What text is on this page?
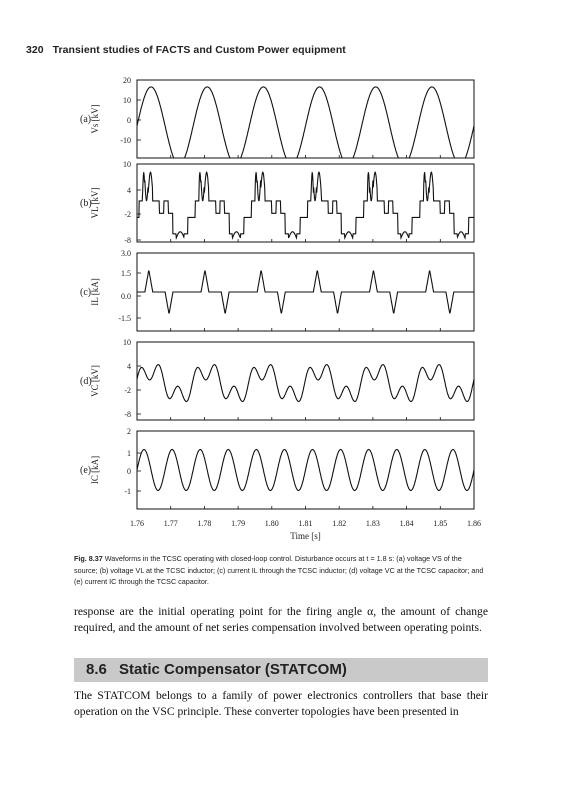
320 Transient studies of FACTS and Custom Power equipment
20
10
0
-10
(a)
Vs [kV]
10
4
-2
-8
(b)
VL [kV]
3.0
1.5
0.0
-1.5
(c)
IL [kA]
10
4
-2
-8
(d)
VC [kV]
2
1
0
-1
(e)
IC [kA]
1.76 1.77 1.78 1.79 1.80 1.81 1.82 1.83 1.84 1.85 1.86
Time [s]
Fig. 8.37 Waveforms in the TCSC operating with closed-loop control. Disturbance occurs at t = 1.8 s: (a) voltage VS of the source; (b) voltage VL at the TCSC inductor; (c) current IL through the TCSC inductor; (d) voltage VC at the TCSC capacitor; and (e) current IC through the TCSC capacitor.
response are the initial operating point for the firing angle α, the amount of change required, and the amount of net series compensation involved between operating points.
8.6 Static Compensator (STATCOM)
The STATCOM belongs to a family of power electronics controllers that base their operation on the VSC principle. These converter topologies have been presented in
